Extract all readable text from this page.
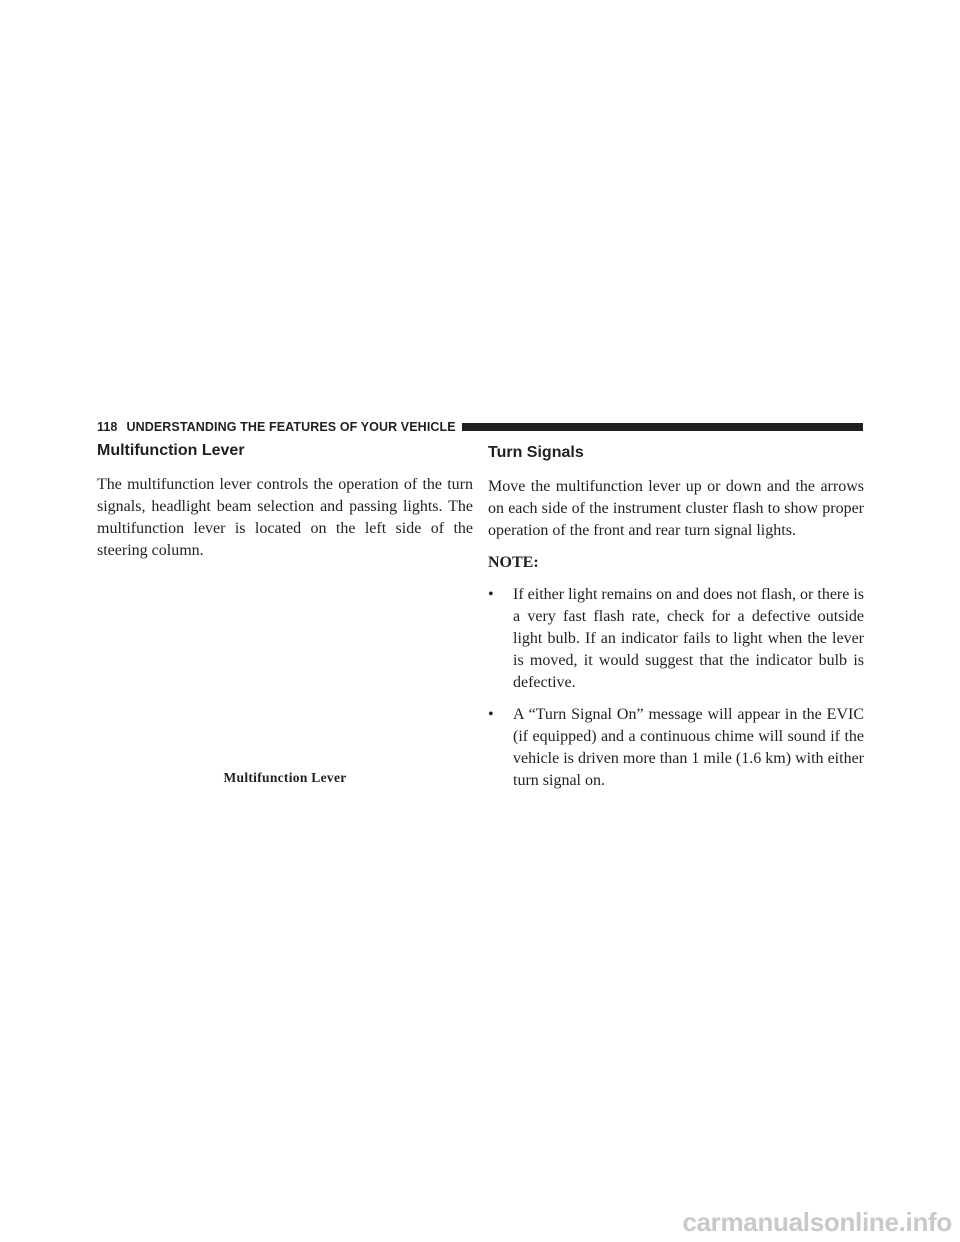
118 UNDERSTANDING THE FEATURES OF YOUR VEHICLE
Multifunction Lever

The multifunction lever controls the operation of the turn signals, headlight beam selection and passing lights. The multifunction lever is located on the left side of the steering column.

Multifunction Lever
Turn Signals

Move the multifunction lever up or down and the arrows on each side of the instrument cluster flash to show proper operation of the front and rear turn signal lights.

NOTE:

•	If either light remains on and does not flash, or there is a very fast flash rate, check for a defective outside light bulb. If an indicator fails to light when the lever is moved, it would suggest that the indicator bulb is defective.
•	A “Turn Signal On” message will appear in the EVIC (if equipped) and a continuous chime will sound if the vehicle is driven more than 1 mile (1.6 km) with either turn signal on.
carmanualsonline.info
